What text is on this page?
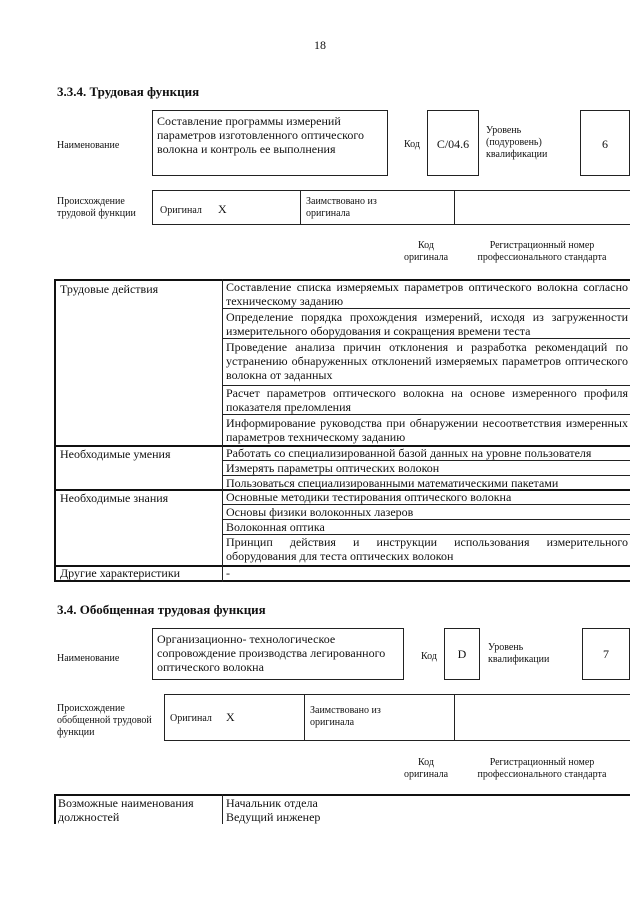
18
3.3.4. Трудовая функция
Наименование
Составление программы измерений параметров изготовленного оптического волокна и контроль ее выполнения	Код	C/04.6
Уровень (подуровень) квалификации
6
Происхождение трудовой функции	Оригинал X
Заимствовано из оригинала
Код оригинала
Регистрационный номер профессионального стандарта
Трудовые действия	Составление списка измеряемых параметров оптического волокна согласно техническому заданию
Определение порядка прохождения измерений, исходя из загруженности измерительного оборудования и сокращения времени теста
Проведение анализа причин отклонения и разработка рекомендаций по устранению обнаруженных отклонений измеряемых параметров оптического волокна от заданных
Расчет параметров оптического волокна на основе измеренного профиля показателя преломления
Информирование руководства при обнаружении несоответствия измеренных параметров техническому заданию
Необходимые умения	Работать со специализированной базой данных на уровне пользователя
Измерять параметры оптических волокон
Пользоваться специализированными математическими пакетами
Необходимые знания	Основные методики тестирования оптического волокна
Основы физики волоконных лазеров
Волоконная оптика
Принцип действия и инструкции использования измерительного оборудования для теста оптических волокон
Другие характеристики	-
3.4. Обобщенная трудовая функция
Наименование
Организационно- технологическое сопровождение производства легированного оптического волокна
Код	D	Уровень квалификации	7
Происхождение обобщенной трудовой функции
Оригинал X	Заимствовано из оригинала
Код оригинала
Регистрационный номер профессионального стандарта
Возможные наименования должностей
Начальник отдела
Ведущий инженер
